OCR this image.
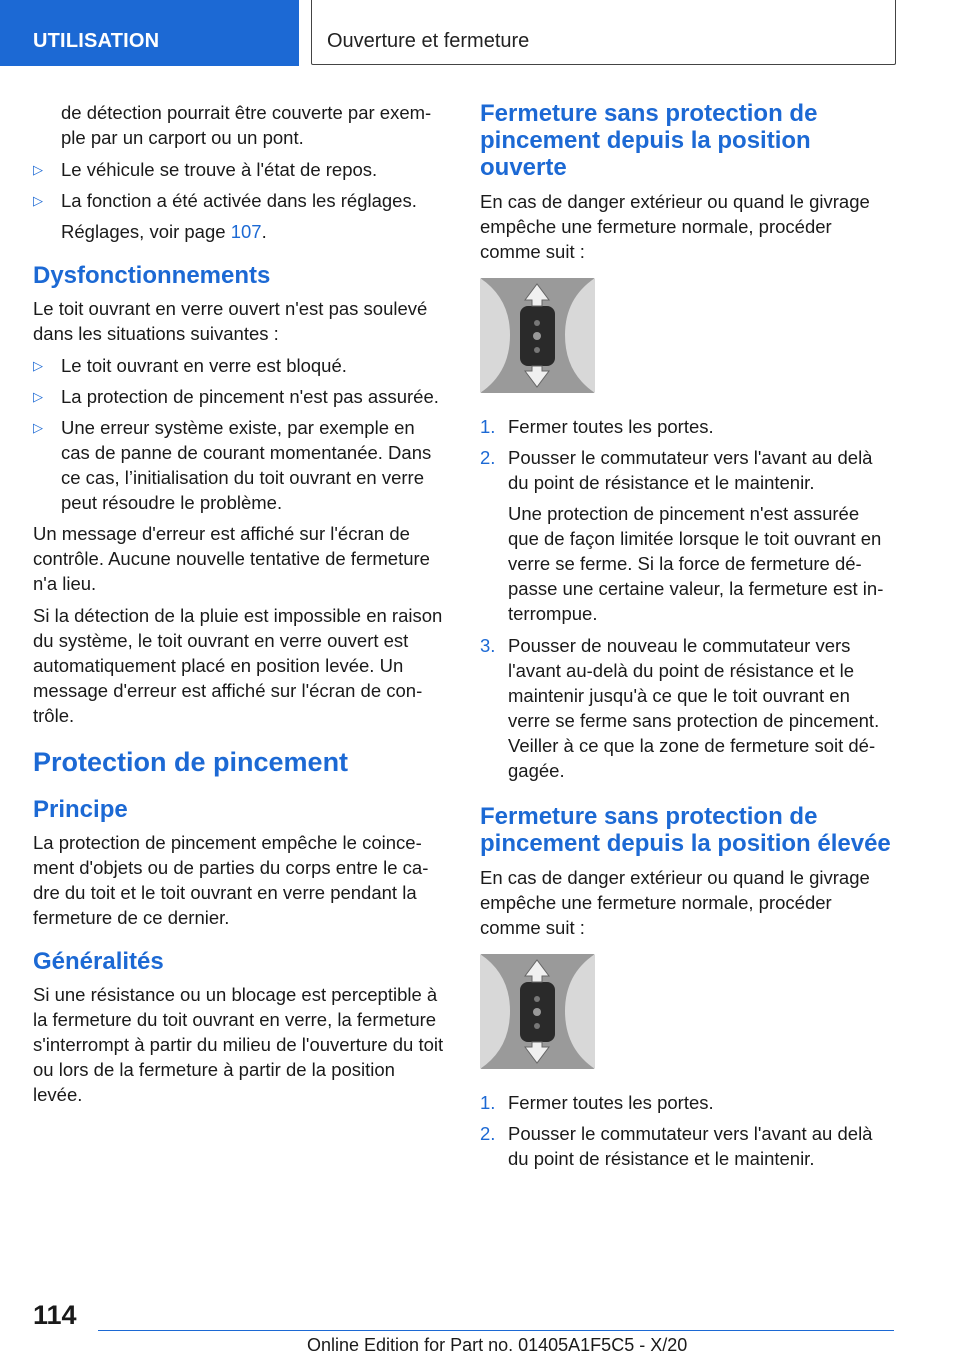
UTILISATION	Ouverture et fermeture

de détection pourrait être couverte par exemple par un carport ou un pont.

▷ Le véhicule se trouve à l'état de repos.
▷ La fonction a été activée dans les réglages.

Réglages, voir page 107.

Dysfonctionnements

Le toit ouvrant en verre ouvert n'est pas soulevé dans les situations suivantes :

▷ Le toit ouvrant en verre est bloqué.
▷ La protection de pincement n'est pas assurée.
▷ Une erreur système existe, par exemple en cas de panne de courant momentanée. Dans ce cas, l’initialisation du toit ouvrant en verre peut résoudre le problème.

Un message d'erreur est affiché sur l'écran de contrôle. Aucune nouvelle tentative de fermeture n'a lieu.

Si la détection de la pluie est impossible en raison du système, le toit ouvrant en verre ouvert est automatiquement placé en position levée. Un message d'erreur est affiché sur l'écran de contrôle.

Protection de pincement
Principe

La protection de pincement empêche le coincement d'objets ou de parties du corps entre le cadre du toit et le toit ouvrant en verre pendant la fermeture de ce dernier.

Généralités

Si une résistance ou un blocage est perceptible à la fermeture du toit ouvrant en verre, la fermeture s'interrompt à partir du milieu de l'ouverture du toit ou lors de la fermeture à partir de la position levée.

Fermeture sans protection de pincement depuis la position ouverte

En cas de danger extérieur ou quand le givrage empêche une fermeture normale, procéder comme suit :

1. Fermer toutes les portes.
2. Pousser le commutateur vers l'avant au delà du point de résistance et le maintenir.

Une protection de pincement n'est assurée que de façon limitée lorsque le toit ouvrant en verre se ferme. Si la force de fermeture dépasse une certaine valeur, la fermeture est interrompue.

3. Pousser de nouveau le commutateur vers l'avant au-delà du point de résistance et le maintenir jusqu'à ce que le toit ouvrant en verre se ferme sans protection de pincement. Veiller à ce que la zone de fermeture soit dégagée.
Fermeture sans protection de pincement depuis la position élevée

En cas de danger extérieur ou quand le givrage empêche une fermeture normale, procéder comme suit :

1. Fermer toutes les portes.
2. Pousser le commutateur vers l'avant au delà du point de résistance et le maintenir.
114
Online Edition for Part no. 01405A1F5C5 - X/20
